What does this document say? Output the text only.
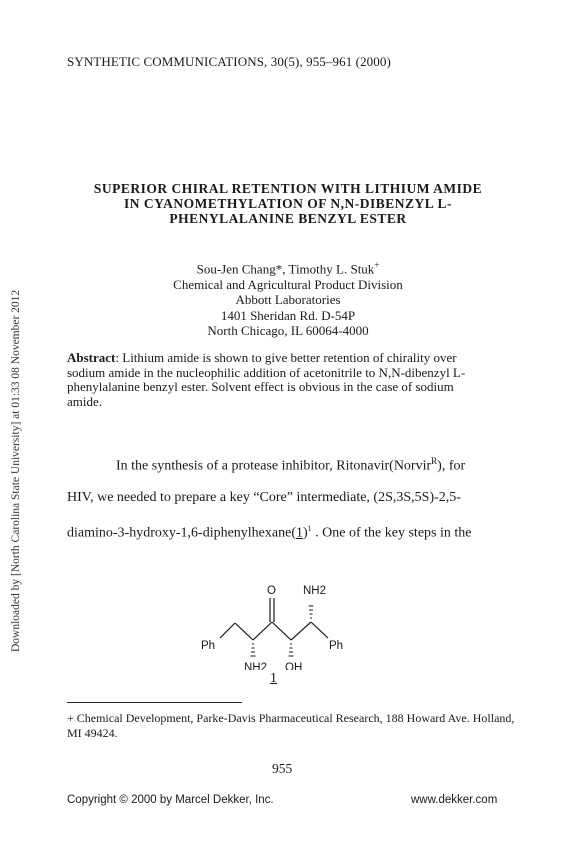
SYNTHETIC COMMUNICATIONS, 30(5), 955–961 (2000)
Downloaded by [North Carolina State University] at 01:33 08 November 2012
SUPERIOR CHIRAL RETENTION WITH LITHIUM AMIDE
IN CYANOMETHYLATION OF N,N-DIBENZYL L-
PHENYLALANINE BENZYL ESTER
Sou-Jen Chang*, Timothy L. Stuk+
Chemical and Agricultural Product Division
Abbott Laboratories
1401 Sheridan Rd. D-54P
North Chicago, IL 60064-4000
Abstract: Lithium amide is shown to give better retention of chirality over
sodium amide in the nucleophilic addition of acetonitrile to N,N-dibenzyl L-
phenylalanine benzyl ester. Solvent effect is obvious in the case of sodium
amide.
In the synthesis of a protease inhibitor, Ritonavir(Norvir$^R$), for
HIV, we needed to prepare a key “Core” intermediate, (2S,3S,5S)-2,5-
diamino-$3-hydroxy-1,6-diphenylhexane(1)^1$ . One of the key steps in the
O NH2
Ph	Ph
NH2 OH
1
+ Chemical Development, Parke-Davis Pharmaceutical Research, 188 Howard Ave. Holland, MI 49424.
955
Copyright © 2000 by Marcel Dekker, Inc.	www.dekker.com
